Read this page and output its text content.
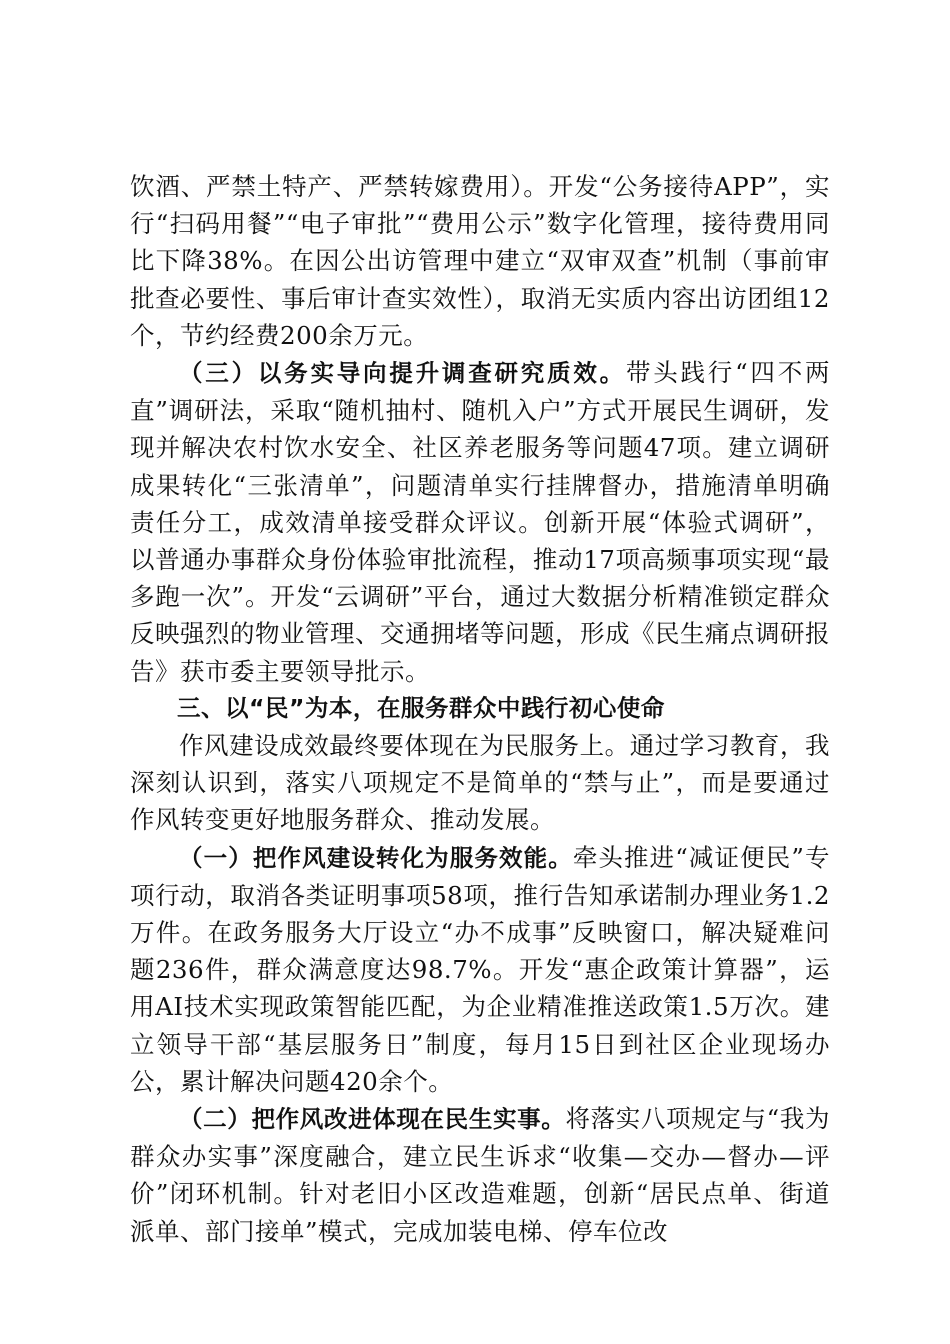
饮酒、严禁土特产、严禁转嫁费用）。开发“公务接待APP”，实行“扫码用餐”“电子审批”“费用公示”数字化管理，接待费用同比下降38%。在因公出访管理中建立“双审双查”机制（事前审批查必要性、事后审计查实效性），取消无实质内容出访团组12个，节约经费200余万元。

（三）以务实导向提升调查研究质效。带头践行“四不两直”调研法，采取“随机抽村、随机入户”方式开展民生调研，发现并解决农村饮水安全、社区养老服务等问题47项。建立调研成果转化“三张清单”，问题清单实行挂牌督办，措施清单明确责任分工，成效清单接受群众评议。创新开展“体验式调研”，以普通办事群众身份体验审批流程，推动17项高频事项实现“最多跑一次”。开发“云调研”平台，通过大数据分析精准锁定群众反映强烈的物业管理、交通拥堵等问题，形成《民生痛点调研报告》获市委主要领导批示。

三、以“民”为本，在服务群众中践行初心使命

作风建设成效最终要体现在为民服务上。通过学习教育，我深刻认识到，落实八项规定不是简单的“禁与止”，而是要通过作风转变更好地服务群众、推动发展。

（一）把作风建设转化为服务效能。牵头推进“减证便民”专项行动，取消各类证明事项58项，推行告知承诺制办理业务1.2万件。在政务服务大厅设立“办不成事”反映窗口，解决疑难问题236件，群众满意度达98.7%。开发“惠企政策计算器”，运用AI技术实现政策智能匹配，为企业精准推送政策1.5万次。建立领导干部“基层服务日”制度，每月15日到社区企业现场办公，累计解决问题420余个。

（二）把作风改进体现在民生实事。将落实八项规定与“我为群众办实事”深度融合，建立民生诉求“收集—交办—督办—评价”闭环机制。针对老旧小区改造难题，创新“居民点单、街道派单、部门接单”模式，完成加装电梯、停车位改
